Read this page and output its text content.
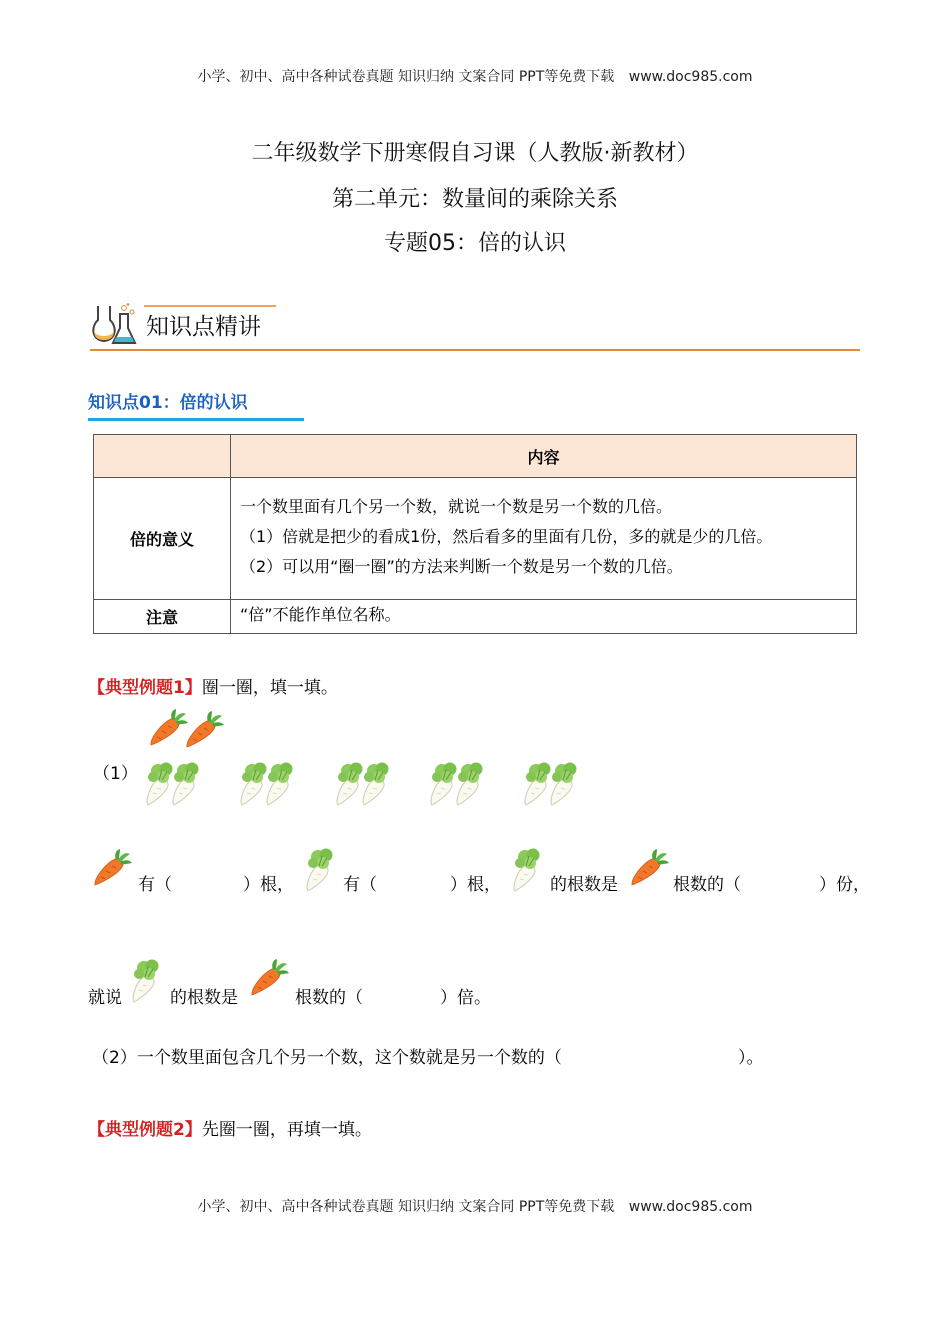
小学、初中、高中各种试卷真题 知识归纳 文案合同 PPT等免费下载 www.doc985.com
二年级数学下册寒假自习课（人教版·新教材）
第二单元：数量间的乘除关系
专题05：倍的认识
知识点精讲
知识点01：倍的认识
	内容
倍的意义	一个数里面有几个另一个数，就说一个数是另一个数的几倍。

（1）倍就是把少的看成1份，然后看多的里面有几份，多的就是少的几倍。

（2）可以用“圈一圈”的方法来判断一个数是另一个数的几倍。

注意	“倍”不能作单位名称。

【典型例题1】圈一圈，填一填。
（1）
有（	）根，	有（	）根，	的根数是	根数的（	）份，
就说	的根数是	根数的（	）倍。
（2）一个数里面包含几个另一个数，这个数就是另一个数的（	）。
【典型例题2】先圈一圈，再填一填。
小学、初中、高中各种试卷真题 知识归纳 文案合同 PPT等免费下载 www.doc985.com
